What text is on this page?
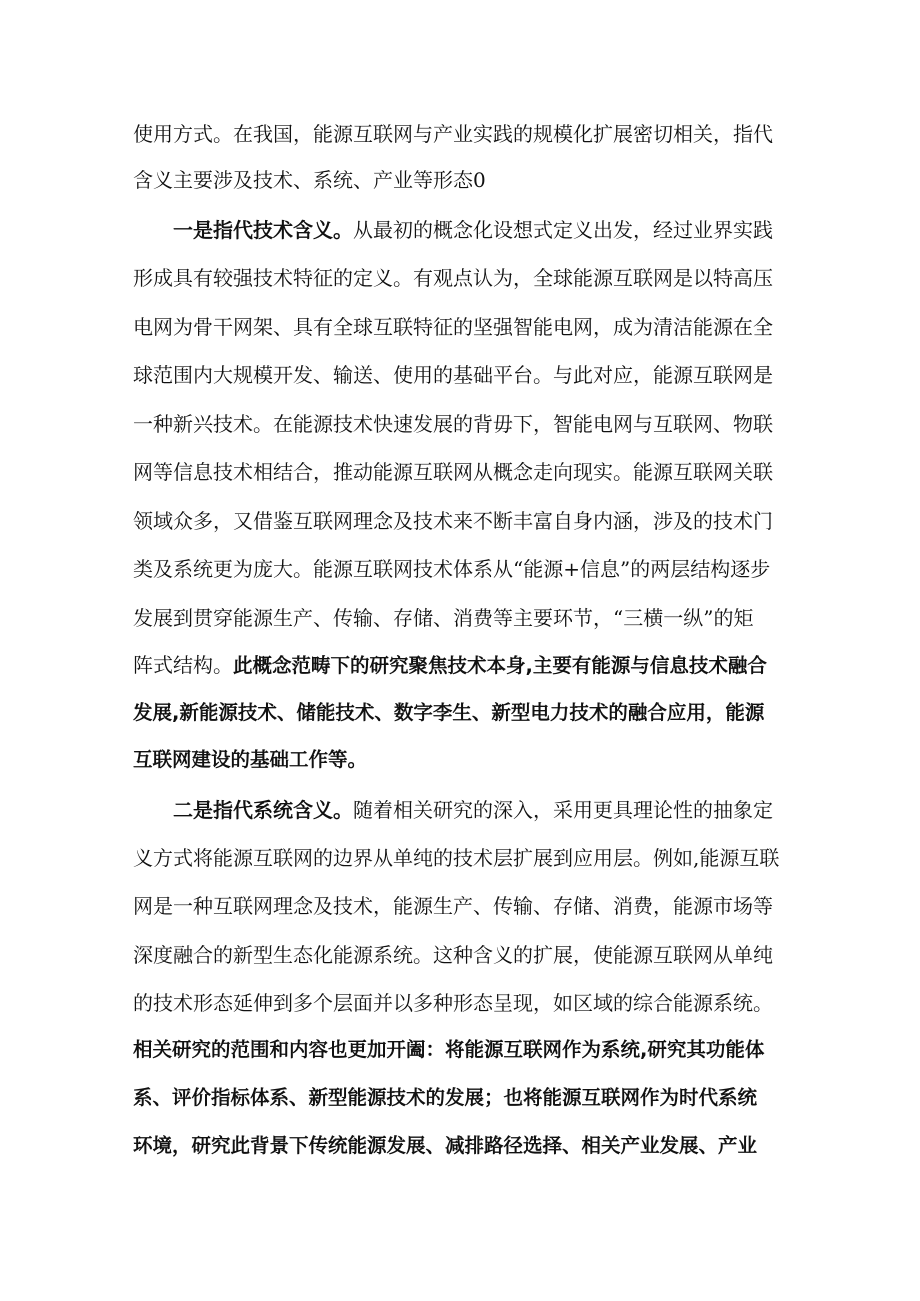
使用方式。在我国，能源互联网与产业实践的规模化扩展密切相关，指代
含义主要涉及技术、系统、产业等形态0
一是指代技术含义。从最初的概念化设想式定义出发，经过业界实践
形成具有较强技术特征的定义。有观点认为，全球能源互联网是以特高压
电网为骨干网架、具有全球互联特征的坚强智能电网，成为清洁能源在全
球范围内大规模开发、输送、使用的基础平台。与此对应，能源互联网是
一种新兴技术。在能源技术快速发展的背毋下，智能电网与互联网、物联
网等信息技术相结合，推动能源互联网从概念走向现实。能源互联网关联
领域众多，又借鉴互联网理念及技术来不断丰富自身内涵，涉及的技术门
类及系统更为庞大。能源互联网技术体系从“能源+信息”的两层结构逐步
发展到贯穿能源生产、传输、存储、消费等主要环节，“三横一纵”的矩
阵式结构。此概念范畴下的研究聚焦技术本身,主要有能源与信息技术融合
发展,新能源技术、储能技术、数字李生、新型电力技术的融合应用，能源
互联网建设的基础工作等。
二是指代系统含义。随着相关研究的深入，采用更具理论性的抽象定
义方式将能源互联网的边界从单纯的技术层扩展到应用层。例如,能源互联
网是一种互联网理念及技术，能源生产、传输、存储、消费，能源市场等
深度融合的新型生态化能源系统。这种含义的扩展，使能源互联网从单纯
的技术形态延伸到多个层面并以多种形态呈现，如区域的综合能源系统。
相关研究的范围和内容也更加开阖：将能源互联网作为系统,研究其功能体
系、评价指标体系、新型能源技术的发展；也将能源互联网作为时代系统
环境，研究此背景下传统能源发展、减排路径选择、相关产业发展、产业
